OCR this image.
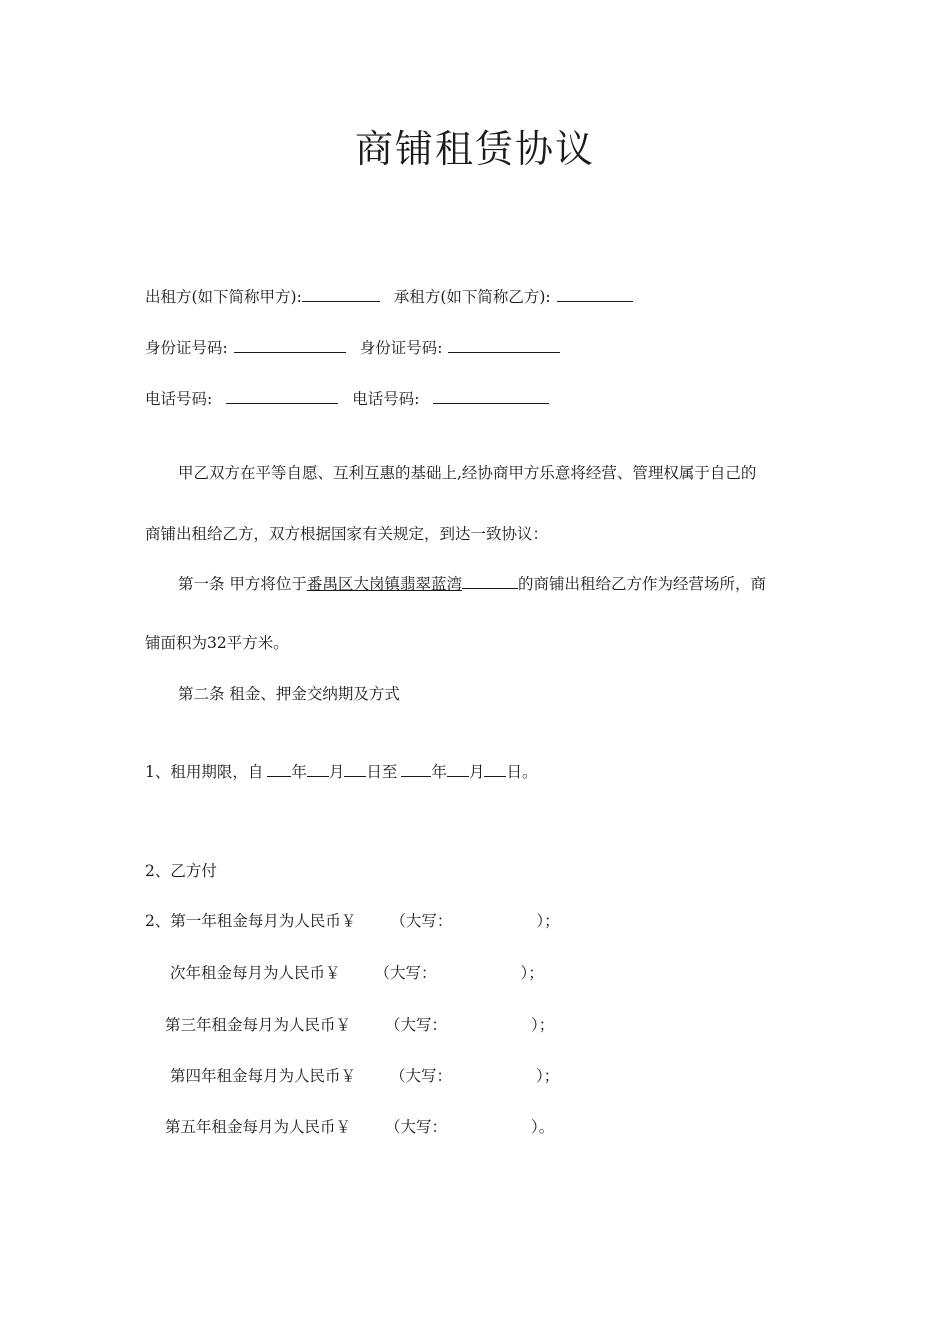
商铺租赁协议
出租方(如下简称甲方):	承租方(如下简称乙方):
身份证号码:	身份证号码:
电话号码:	电话号码:
甲乙双方在平等自愿、互利互惠的基础上,经协商甲方乐意将经营、管理权属于自己的
商铺出租给乙方，双方根据国家有关规定，到达一致协议：
第一条 甲方将位于番禺区大岗镇翡翠蓝湾	的商铺出租给乙方作为经营场所，商
铺面积为32平方米。
第二条 租金、押金交纳期及方式
1、租用期限，自 年 月 日至 年 月 日。
2、乙方付
2、第一年租金每月为人民币￥ （大写：	）；
次年租金每月为人民币￥ （大写：	）；
第三年租金每月为人民币￥ （大写：	）；
第四年租金每月为人民币￥ （大写：	）；
第五年租金每月为人民币￥ （大写：	）。
